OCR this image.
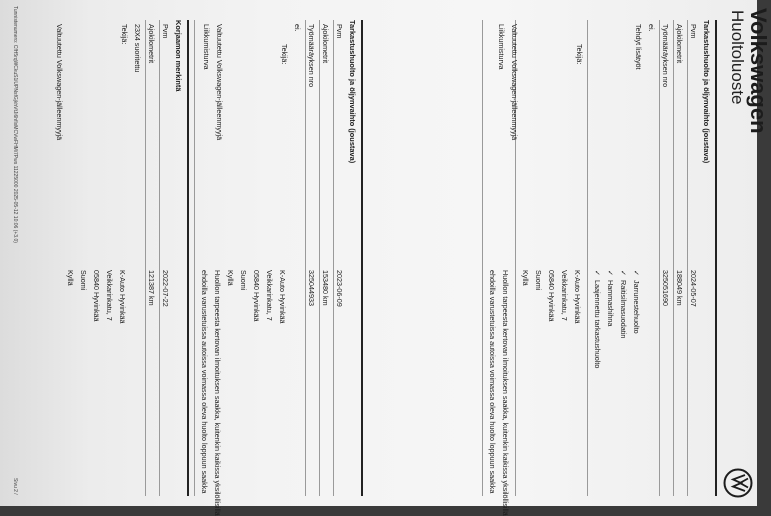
Volkswagen
Huoltoluoste
Tarkastushuolto ja öljynvaihto (joustava)
Pvm
2024-05-07
Ajokilometrit
188049 km
Työmääräyksen nro
325051690
ei.
Tehdyt lisätyöt
✓ Jarrunestehuolto
✓ Raitisilmasuodatin
✓ Hammashihna
✓ Laajennettu tarkastushuolto
Tekijä:
K-Auto Hyvinkää
Veikkarinkatu, 7
05840 Hyvinkää
Suomi
Kyllä
Valtuutettu Volkswagen-jälleenmyyjä
Liikkumisturva
Huollon tarpeesta kertovan ilmoituksen saakka, kuitenkin kaikissa yksilöllisillä
ehdoilla varustetuissa autoissa voimassa oleva huolto loppuun saakka
Tarkastushuolto ja öljynvaihto (joustava)
Pvm
2023-06-09
Ajokilometrit
153480 km
Työmääräyksen nro
325044933
ei.
Tekijä:
K-Auto Hyvinkää
Veikkarinkatu, 7
05840 Hyvinkää
Suomi
Kyllä
Huollon tarpeesta kertovan ilmoituksen saakka, kuitenkin kaikissa yksilöllisillä
ehdoilla varustetuissa autoissa voimassa oleva huolto loppuun saakka
Valtuutettu Volkswagen-jälleenmyyjä
Liikkumisturva
Korjaamon merkintä
Pvm
2022-07-22
Ajokilometrit
121387 km
23X4 suoritettu
Tekijä:
K-Auto Hyvinkää
Veikkarinkatu, 7
05840 Hyvinkää
Suomi
Kyllä
Valtuutettu Volkswagen-jälleenmyyjä
Tunnistenumero: CfH5rqWCkuS1iUPNsfGjkhVtJi6hfIxMCVwFHMi7Pws 11225000 2025-05-12 10:06 (+3.0)
Sivu 2 /
